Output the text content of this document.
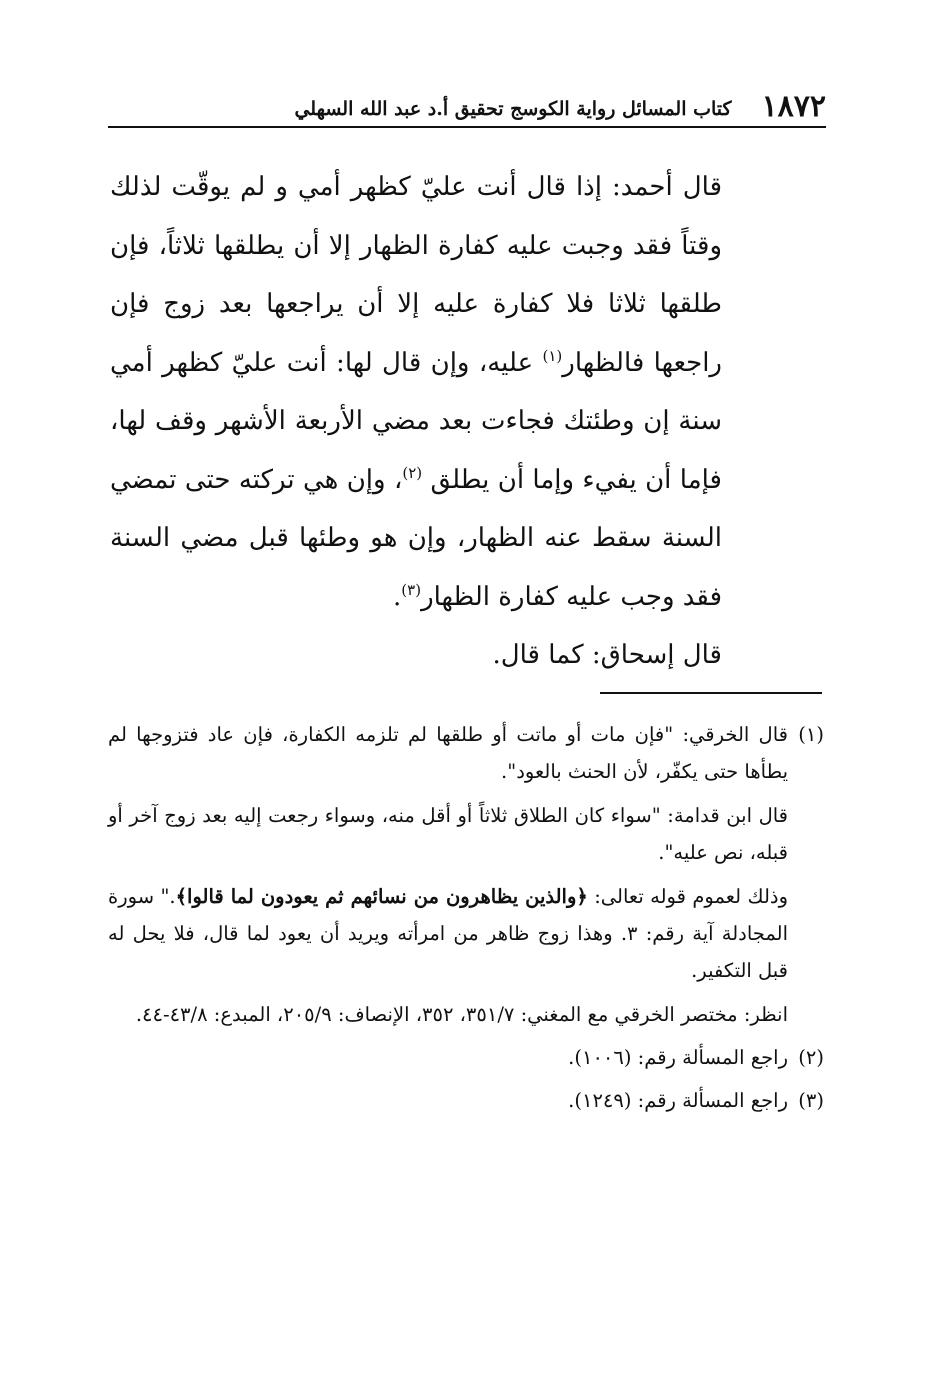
١٨٧٢
كتاب المسائل رواية الكوسج تحقيق أ.د عبد الله السهلي

قال أحمد: إذا قال أنت عليّ كظهر أمي و لم يوقّت لذلك وقتاً فقد وجبت عليه كفارة الظهار إلا أن يطلقها ثلاثاً، فإن طلقها ثلاثا فلا كفارة عليه إلا أن يراجعها بعد زوج فإن راجعها فالظهار$^{(١)}$ عليه، وإن قال لها: أنت عليّ كظهر أمي سنة إن وطئتك فجاءت بعد مضي الأربعة الأشهر وقف لها، فإما أن يفيء وإما أن يطلق $^{(٢)}$، وإن هي تركته حتى تمضي السنة سقط عنه الظهار، وإن هو وطئها قبل مضي السنة فقد وجب عليه كفارة الظهار$^{(٣)}$.

قال إسحاق: كما قال.

(١)

قال الخرقي: "فإن مات أو ماتت أو طلقها لم تلزمه الكفارة، فإن عاد فتزوجها لم يطأها حتى يكفّر، لأن الحنث بالعود".

قال ابن قدامة: "سواء كان الطلاق ثلاثاً أو أقل منه، وسواء رجعت إليه بعد زوج آخر أو قبله، نص عليه".

وذلك لعموم قوله تعالى: ﴿والذين يظاهرون من نسائهم ثم يعودون لما قالوا﴾." سورة المجادلة آية رقم: ٣. وهذا زوج ظاهر من امرأته ويريد أن يعود لما قال، فلا يحل له قبل التكفير.

انظر: مختصر الخرقي مع المغني: ٣٥١/٧، ٣٥٢، الإنصاف: ٢٠٥/٩، المبدع: ٤٣/٨-٤٤.

(٢)
راجع المسألة رقم: (١٠٠٦).
(٣)
راجع المسألة رقم: (١٢٤٩).
